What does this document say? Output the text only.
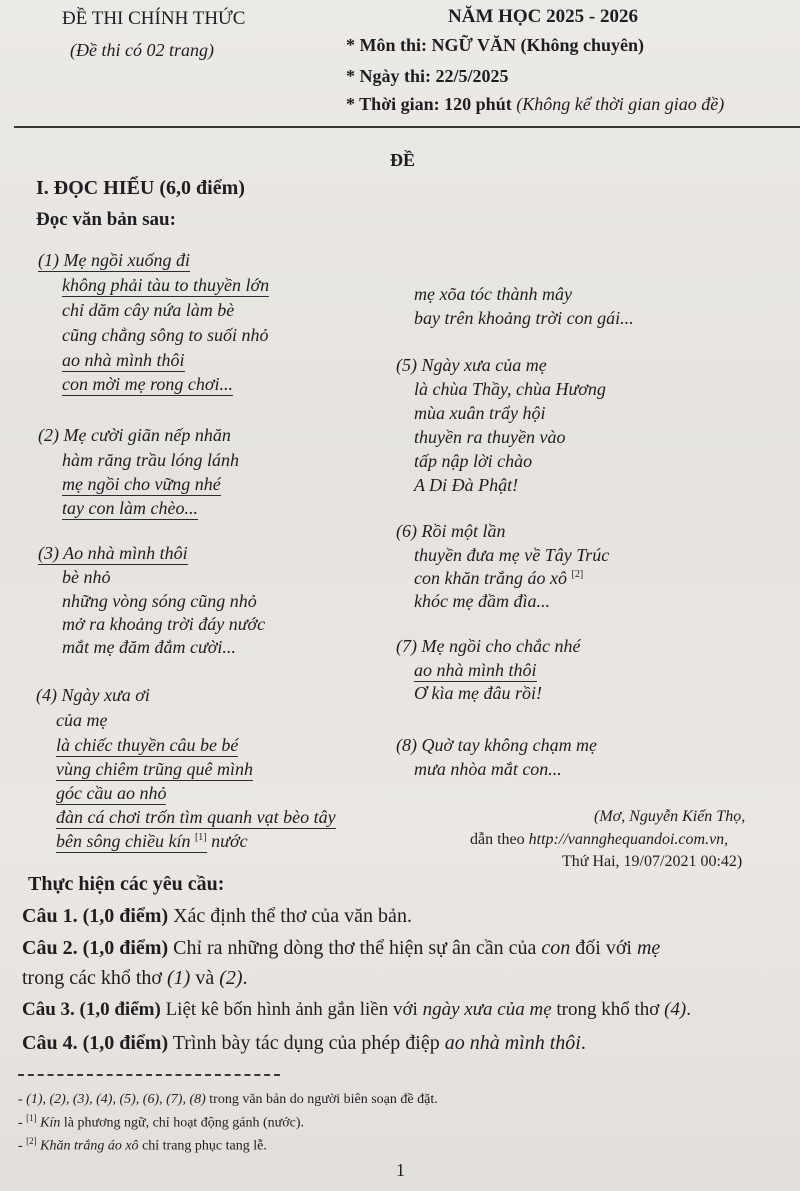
ĐỀ THI CHÍNH THỨC
(Đề thi có 02 trang)
NĂM HỌC 2025 - 2026
* Môn thi: NGỮ VĂN (Không chuyên)
* Ngày thi: 22/5/2025
* Thời gian: 120 phút (Không kể thời gian giao đề)
ĐỀ
I. ĐỌC HIỂU (6,0 điểm)
Đọc văn bản sau:
(1) Mẹ ngồi xuống đi
không phải tàu to thuyền lớn
chỉ dăm cây nứa làm bè
cũng chẳng sông to suối nhỏ
ao nhà mình thôi
con mời mẹ rong chơi...
(2) Mẹ cười giãn nếp nhăn
hàm răng trầu lóng lánh
mẹ ngồi cho vững nhé
tay con làm chèo...
(3) Ao nhà mình thôi
bè nhỏ
những vòng sóng cũng nhỏ
mở ra khoảng trời đáy nước
mắt mẹ đăm đắm cười...
(4) Ngày xưa ơi
của mẹ
là chiếc thuyền câu be bé
vùng chiêm trũng quê mình
góc cầu ao nhỏ
đàn cá chơi trốn tìm quanh vạt bèo tây
bên sông chiều kín [1] nước
mẹ xõa tóc thành mây
bay trên khoảng trời con gái...
(5) Ngày xưa của mẹ
là chùa Thầy, chùa Hương
mùa xuân trẩy hội
thuyền ra thuyền vào
tấp nập lời chào
A Di Đà Phật!
(6) Rồi một lần
thuyền đưa mẹ về Tây Trúc
con khăn trắng áo xô [2]
khóc mẹ đầm đìa...
(7) Mẹ ngồi cho chắc nhé
ao nhà mình thôi
Ơ kìa mẹ đâu rồi!
(8) Quờ tay không chạm mẹ
mưa nhòa mắt con...
(Mơ, Nguyễn Kiến Thọ,
dẫn theo http://vannghequandoi.com.vn,
Thứ Hai, 19/07/2021 00:42)
Thực hiện các yêu cầu:
Câu 1. (1,0 điểm) Xác định thể thơ của văn bản.
Câu 2. (1,0 điểm) Chỉ ra những dòng thơ thể hiện sự ân cần của con đối với mẹ
trong các khổ thơ (1) và (2).
Câu 3. (1,0 điểm) Liệt kê bốn hình ảnh gắn liền với ngày xưa của mẹ trong khổ thơ (4).
Câu 4. (1,0 điểm) Trình bày tác dụng của phép điệp ao nhà mình thôi.
- (1), (2), (3), (4), (5), (6), (7), (8) trong văn bản do người biên soạn đề đặt.
- [1] Kín là phương ngữ, chỉ hoạt động gánh (nước).
- [2] Khăn trắng áo xô chỉ trang phục tang lễ.
1
